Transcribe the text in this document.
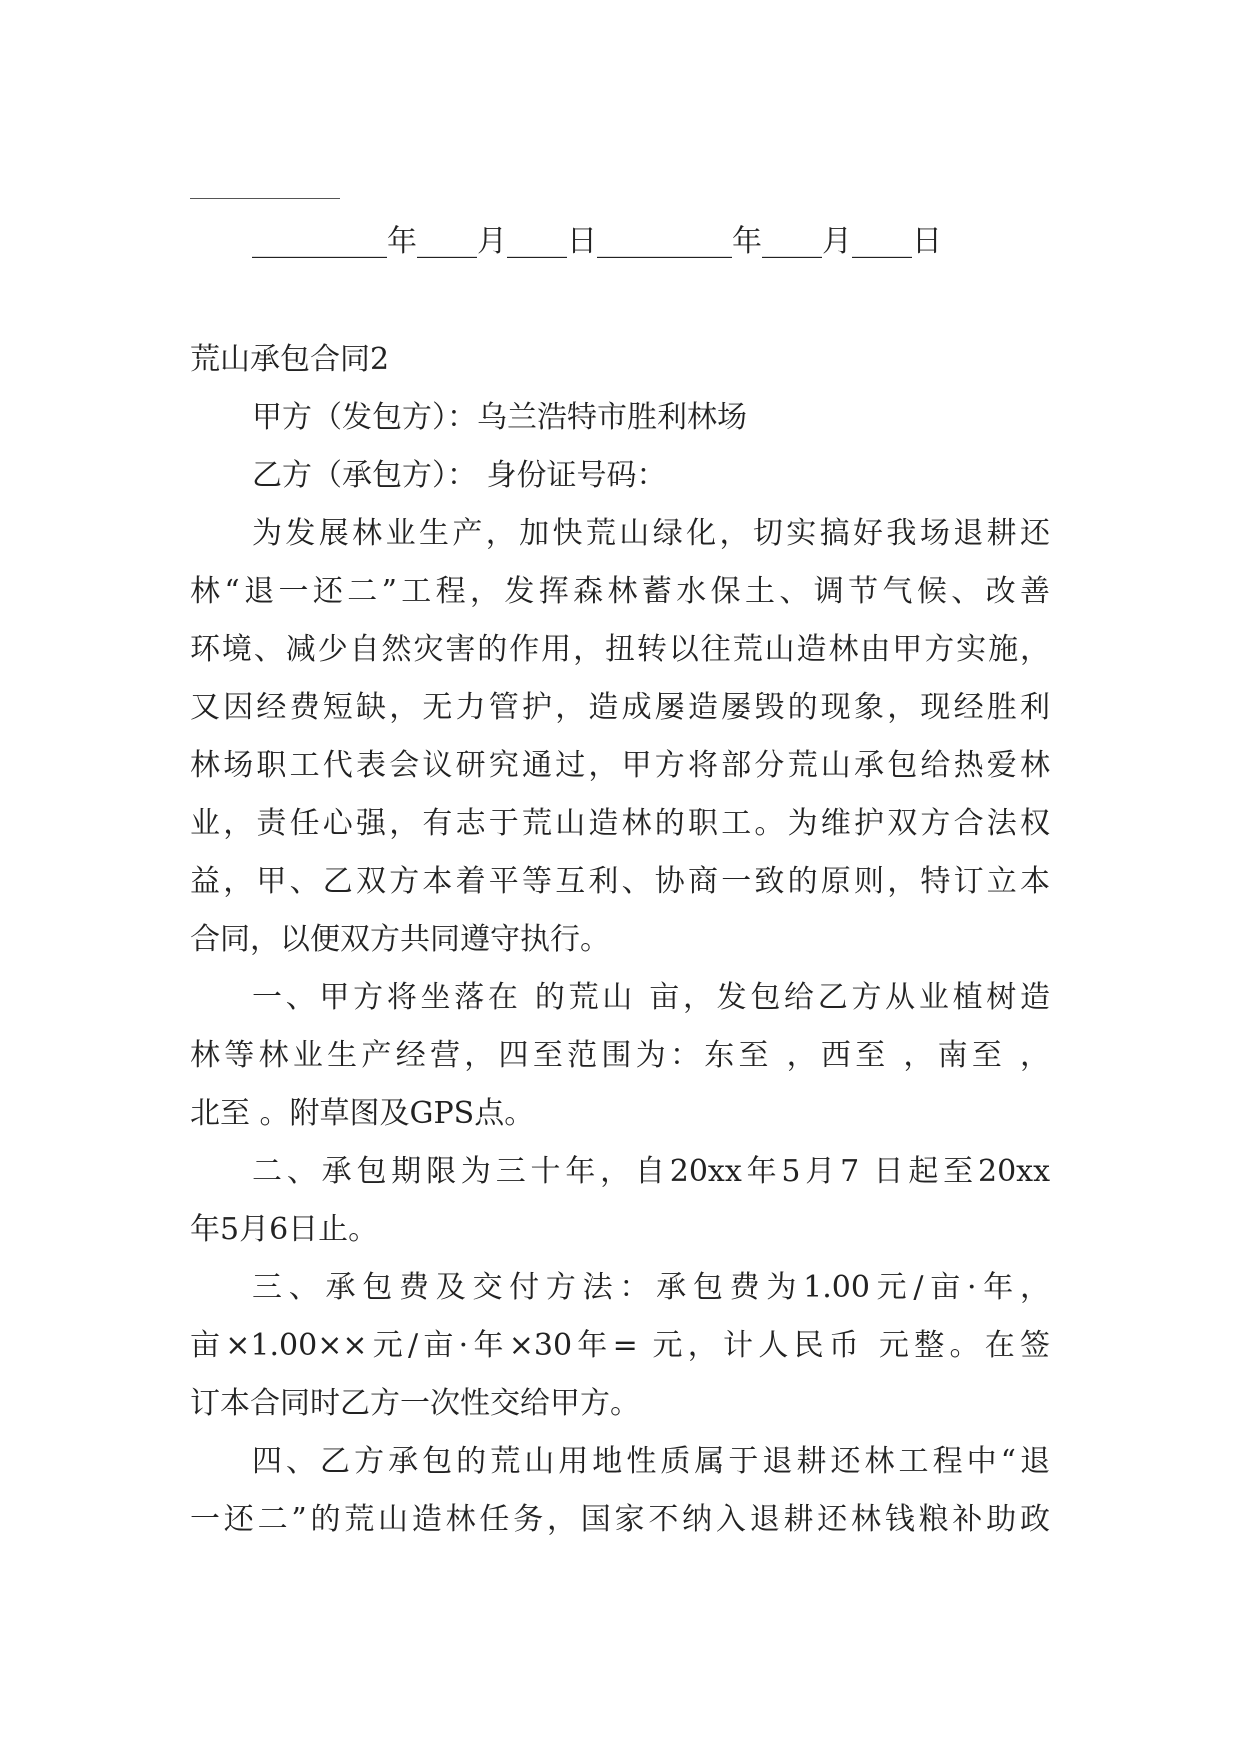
_________年____月____日_________年____月____日
荒山承包合同2
甲方（发包方）：乌兰浩特市胜利林场
乙方（承包方）： 身份证号码：
为发展林业生产，加快荒山绿化，切实搞好我场退耕还
林“退一还二”工程，发挥森林蓄水保土、调节气候、改善
环境、减少自然灾害的作用，扭转以往荒山造林由甲方实施，
又因经费短缺，无力管护，造成屡造屡毁的现象，现经胜利
林场职工代表会议研究通过，甲方将部分荒山承包给热爱林
业，责任心强，有志于荒山造林的职工。为维护双方合法权
益，甲、乙双方本着平等互利、协商一致的原则，特订立本
合同，以便双方共同遵守执行。
一、甲方将坐落在 的荒山 亩，发包给乙方从业植树造
林等林业生产经营，四至范围为：东至 ，西至 ，南至 ，
北至 。附草图及GPS点。
二、承包期限为三十年，自20xx年5月7 日起至20xx
年5月6日止。
三、承包费及交付方法：承包费为1.00元/亩·年，
亩×1.00××元/亩·年×30年= 元，计人民币 元整。在签
订本合同时乙方一次性交给甲方。
四、乙方承包的荒山用地性质属于退耕还林工程中“退
一还二”的荒山造林任务，国家不纳入退耕还林钱粮补助政
